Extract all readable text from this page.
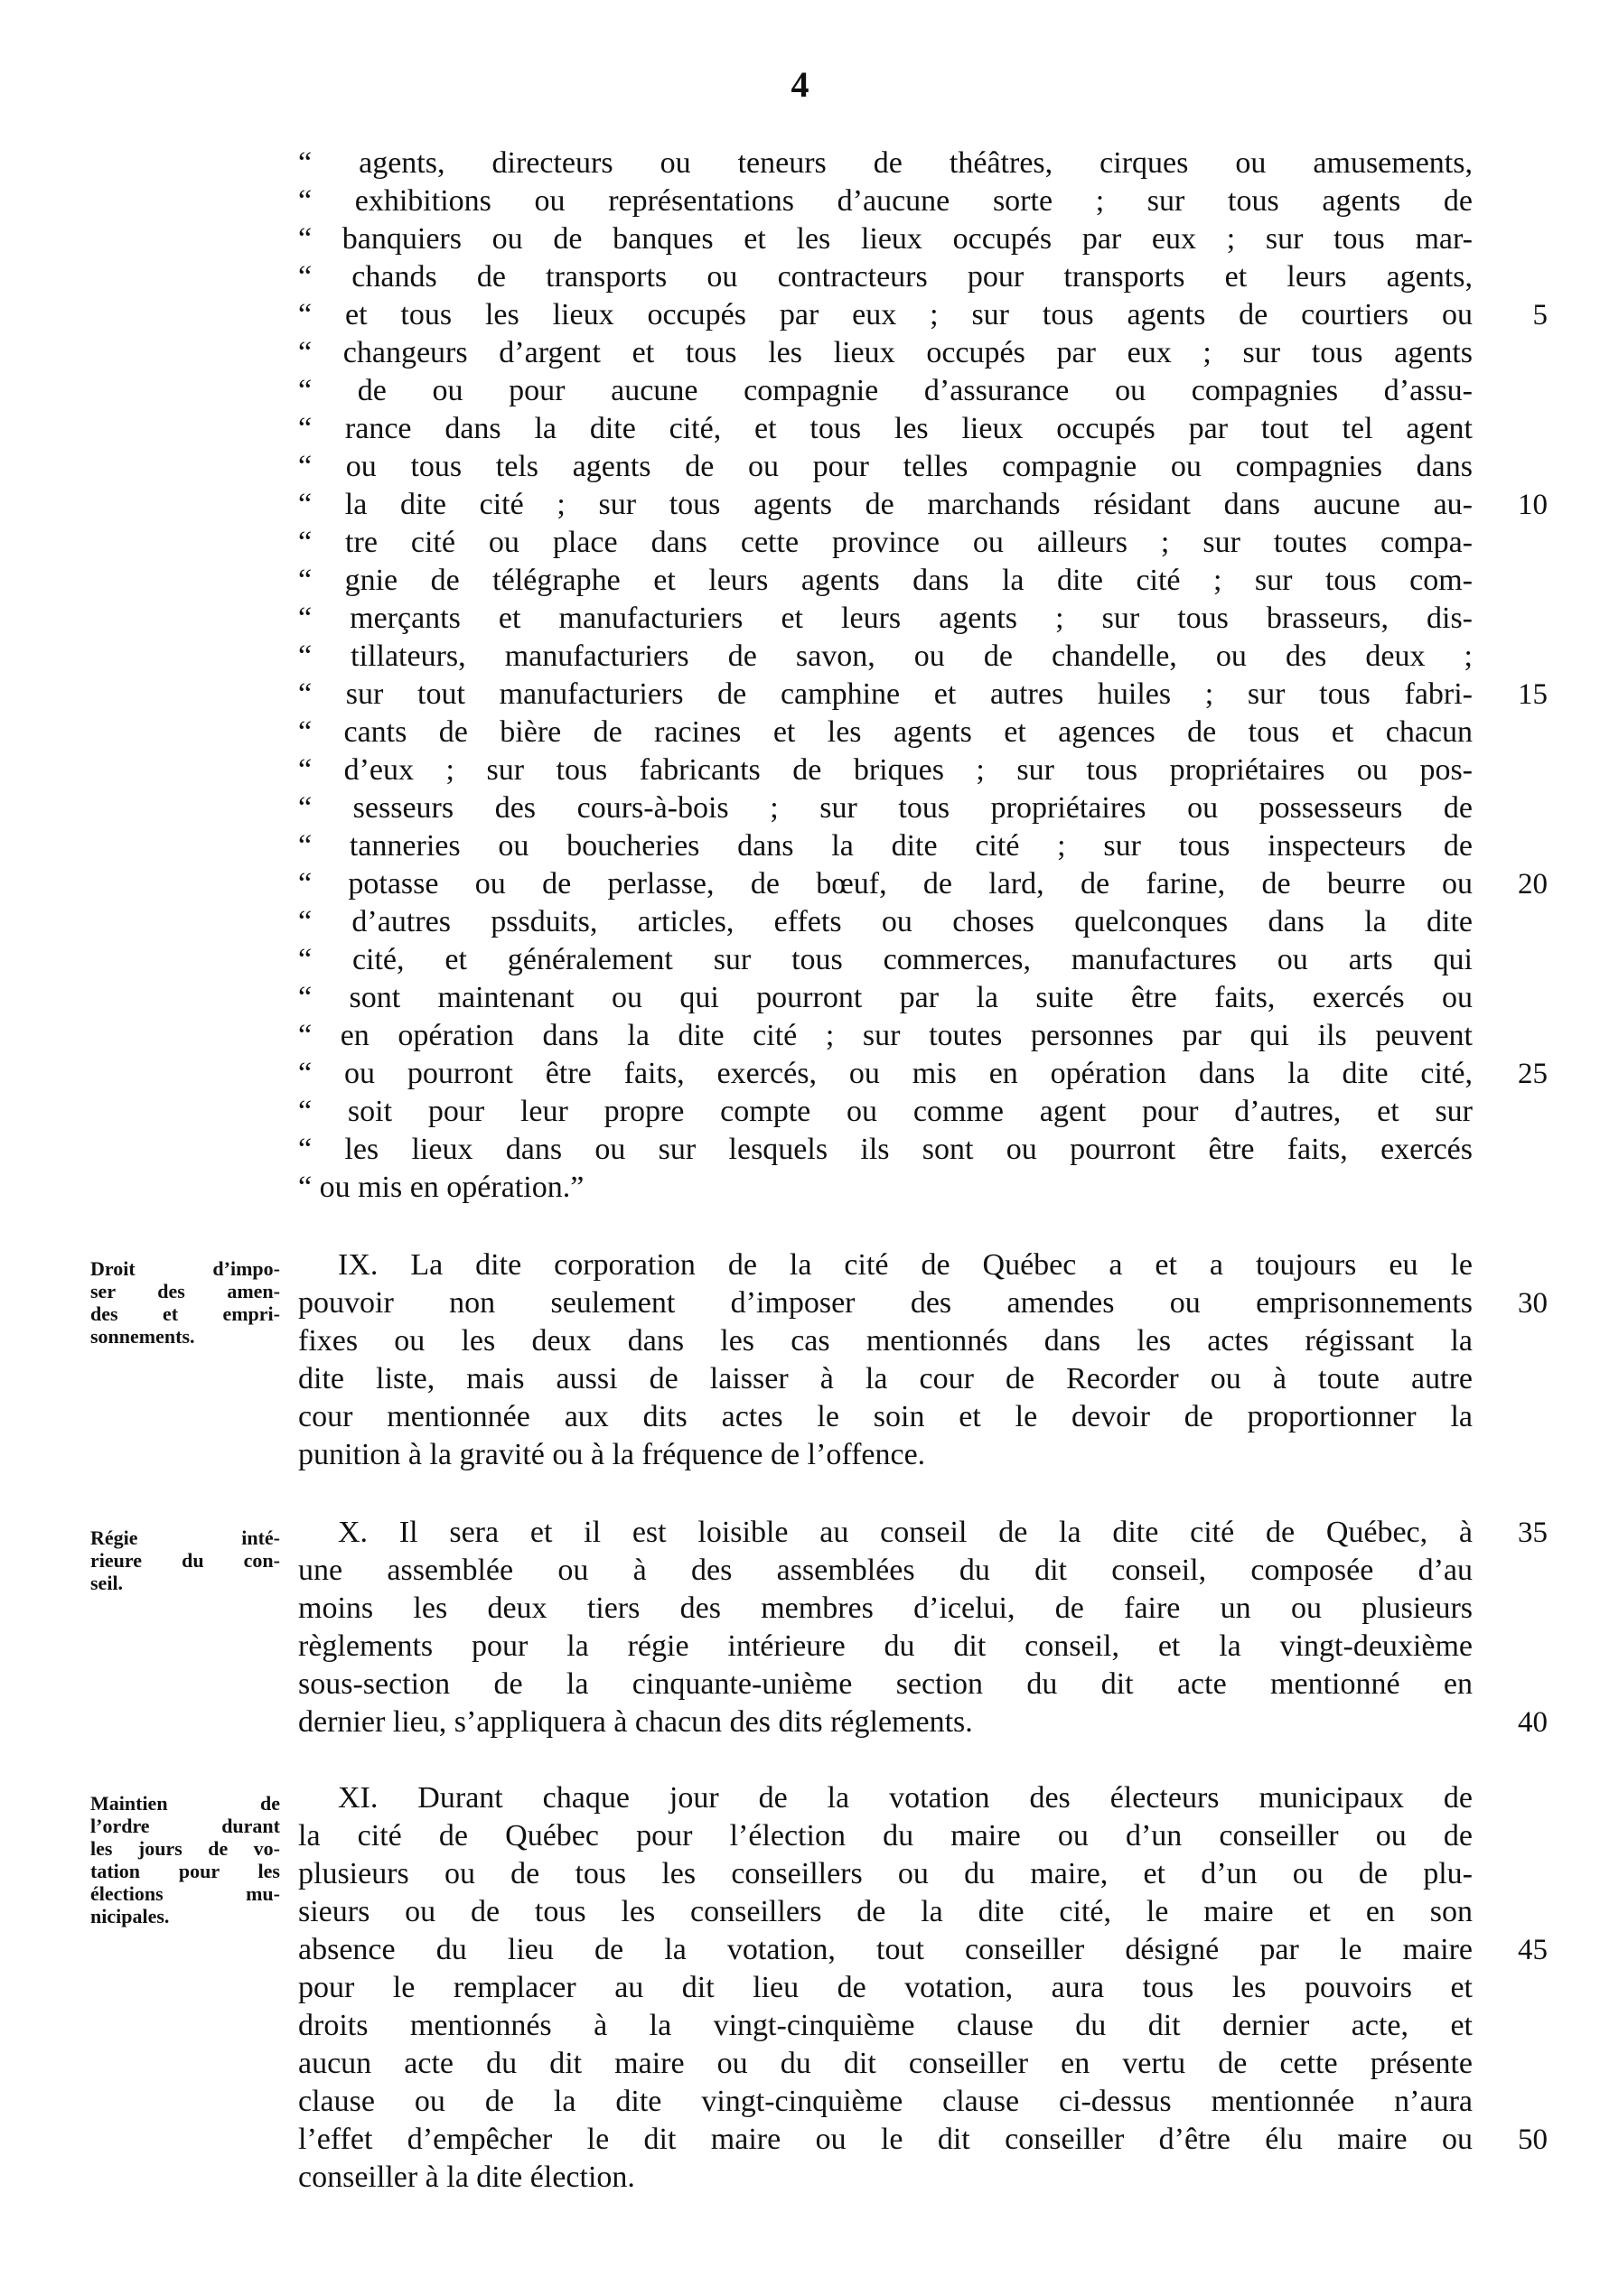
4
“ agents, directeurs ou teneurs de théâtres, cirques ou amusements,
“ exhibitions ou représentations d’aucune sorte ; sur tous agents de
“ banquiers ou de banques et les lieux occupés par eux ; sur tous mar-
“ chands de transports ou contracteurs pour transports et leurs agents,
“ et tous les lieux occupés par eux ; sur tous agents de courtiers ou
“ changeurs d’argent et tous les lieux occupés par eux ; sur tous agents
“ de ou pour aucune compagnie d’assurance ou compagnies d’assu-
“ rance dans la dite cité, et tous les lieux occupés par tout tel agent
“ ou tous tels agents de ou pour telles compagnie ou compagnies dans
“ la dite cité ; sur tous agents de marchands résidant dans aucune au-
“ tre cité ou place dans cette province ou ailleurs ; sur toutes compa-
“ gnie de télégraphe et leurs agents dans la dite cité ; sur tous com-
“ merçants et manufacturiers et leurs agents ; sur tous brasseurs, dis-
“ tillateurs, manufacturiers de savon, ou de chandelle, ou des deux ;
“ sur tout manufacturiers de camphine et autres huiles ; sur tous fabri-
“ cants de bière de racines et les agents et agences de tous et chacun
“ d’eux ; sur tous fabricants de briques ; sur tous propriétaires ou pos-
“ sesseurs des cours-à-bois ; sur tous propriétaires ou possesseurs de
“ tanneries ou boucheries dans la dite cité ; sur tous inspecteurs de
“ potasse ou de perlasse, de bœuf, de lard, de farine, de beurre ou
“ d’autres pssduits, articles, effets ou choses quelconques dans la dite
“ cité, et généralement sur tous commerces, manufactures ou arts qui
“ sont maintenant ou qui pourront par la suite être faits, exercés ou
“ en opération dans la dite cité ; sur toutes personnes par qui ils peuvent
“ ou pourront être faits, exercés, ou mis en opération dans la dite cité,
“ soit pour leur propre compte ou comme agent pour d’autres, et sur
“ les lieux dans ou sur lesquels ils sont ou pourront être faits, exercés
“ ou mis en opération.”
Droit d’impo-
ser des amen-
des et empri-
sonnements.
IX. La dite corporation de la cité de Québec a et a toujours eu le
pouvoir non seulement d’imposer des amendes ou emprisonnements
fixes ou les deux dans les cas mentionnés dans les actes régissant la
dite liste, mais aussi de laisser à la cour de Recorder ou à toute autre
cour mentionnée aux dits actes le soin et le devoir de proportionner la
punition à la gravité ou à la fréquence de l’offence.
Régie inté-
rieure du con-
seil.
X. Il sera et il est loisible au conseil de la dite cité de Québec, à
une assemblée ou à des assemblées du dit conseil, composée d’au
moins les deux tiers des membres d’icelui, de faire un ou plusieurs
règlements pour la régie intérieure du dit conseil, et la vingt-deuxième
sous-section de la cinquante-unième section du dit acte mentionné en
dernier lieu, s’appliquera à chacun des dits réglements.
Maintien de
l’ordre durant
les jours de vo-
tation pour les
élections mu-
nicipales.
XI. Durant chaque jour de la votation des électeurs municipaux de
la cité de Québec pour l’élection du maire ou d’un conseiller ou de
plusieurs ou de tous les conseillers ou du maire, et d’un ou de plu-
sieurs ou de tous les conseillers de la dite cité, le maire et en son
absence du lieu de la votation, tout conseiller désigné par le maire
pour le remplacer au dit lieu de votation, aura tous les pouvoirs et
droits mentionnés à la vingt-cinquième clause du dit dernier acte, et
aucun acte du dit maire ou du dit conseiller en vertu de cette présente
clause ou de la dite vingt-cinquième clause ci-dessus mentionnée n’aura
l’effet d’empêcher le dit maire ou le dit conseiller d’être élu maire ou
conseiller à la dite élection.
5
10
15
20
25
30
35
40
45
50
